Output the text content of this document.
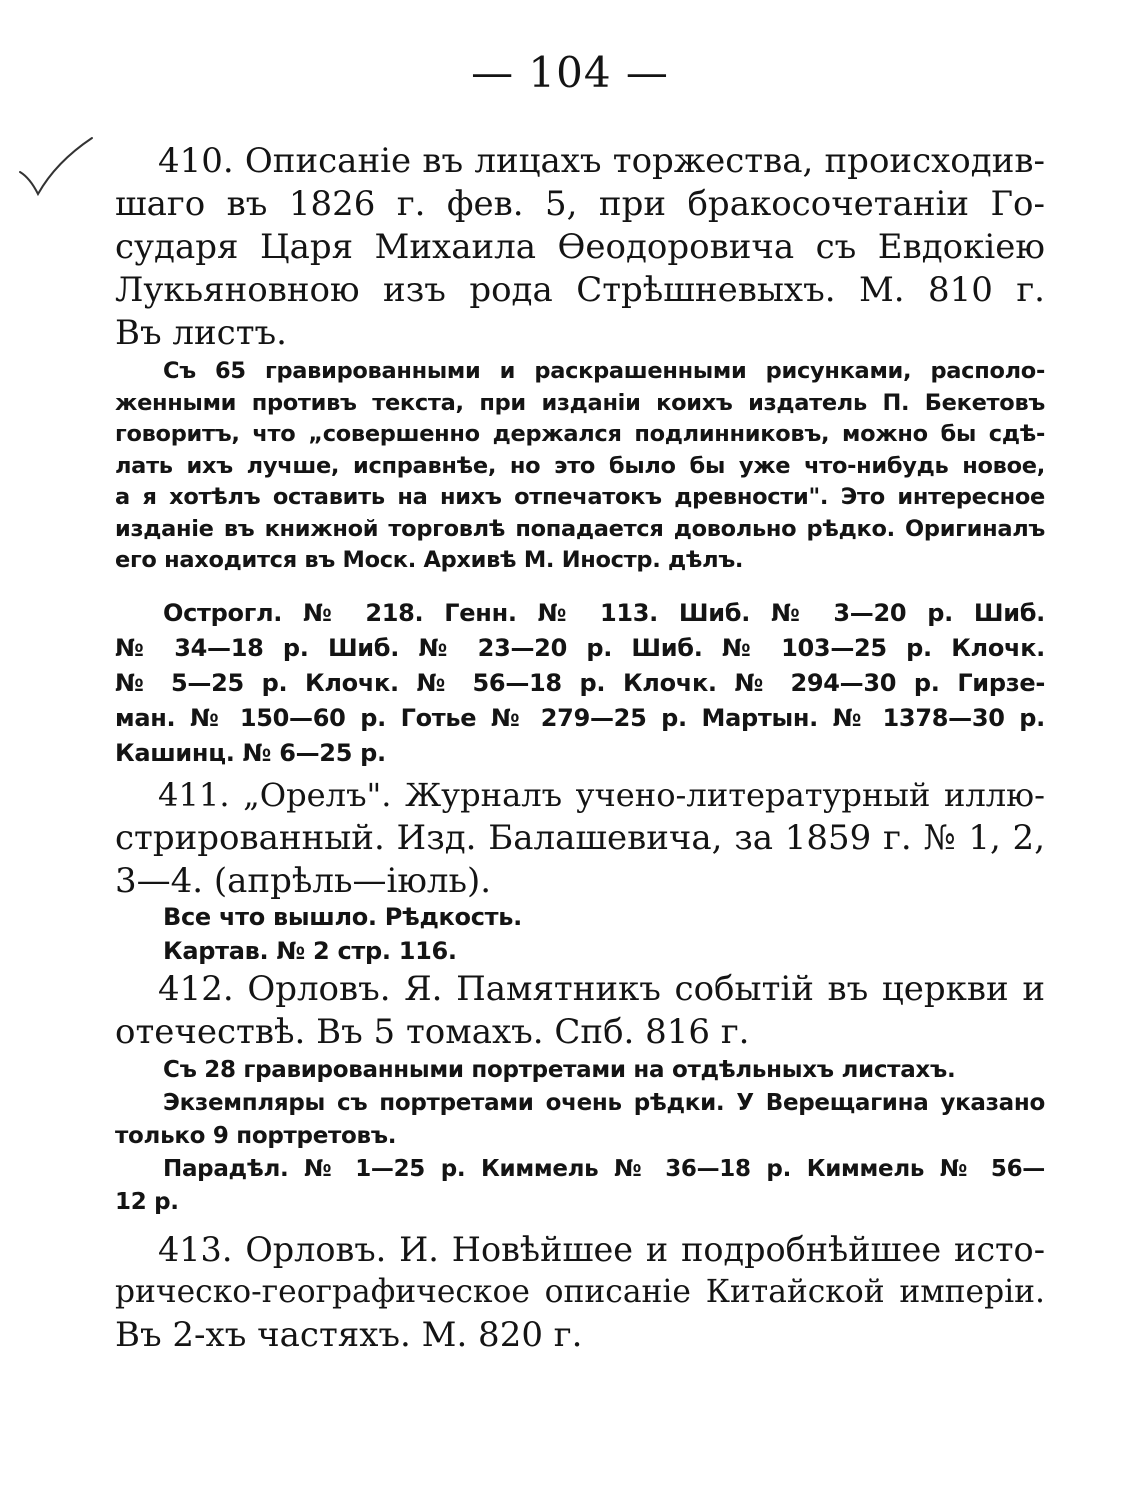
— 104 —
410. Описаніе въ лицахъ торжества, происходив-
шаго въ 1826 г. фев. 5, при бракосочетаніи Го-
сударя Царя Михаила Өеодоровича съ Евдокіею
Лукьяновною изъ рода Стрѣшневыхъ. М. 810 г.
Въ листъ.
Съ 65 гравированными и раскрашенными рисунками, располо-
женными противъ текста, при изданіи коихъ издатель П. Бекетовъ
говоритъ, что „совершенно держался подлинниковъ, можно бы сдѣ-
лать ихъ лучше, исправнѣе, но это было бы уже что-нибудь новое,
а я хотѣлъ оставить на нихъ отпечатокъ древности". Это интересное
изданіе въ книжной торговлѣ попадается довольно рѣдко. Оригиналъ
его находится въ Моск. Архивѣ М. Иностр. дѣлъ.
Острогл. № 218. Генн. № 113. Шиб. № 3—20 р. Шиб.
№ 34—18 р. Шиб. № 23—20 р. Шиб. № 103—25 р. Клочк.
№ 5—25 р. Клочк. № 56—18 р. Клочк. № 294—30 р. Гирзе-
ман. № 150—60 р. Готье № 279—25 р. Мартын. № 1378—30 р.
Кашинц. № 6—25 р.
411. „Орелъ". Журналъ учено-литературный иллю-
стрированный. Изд. Балашевича, за 1859 г. № 1, 2,
3—4. (апрѣль—іюль).
Все что вышло. Рѣдкость.
Картав. № 2 стр. 116.
412. Орловъ. Я. Памятникъ событій въ церкви и
отечествѣ. Въ 5 томахъ. Спб. 816 г.
Съ 28 гравированными портретами на отдѣльныхъ листахъ.
Экземпляры съ портретами очень рѣдки. У Верещагина указано
только 9 портретовъ.
Парадѣл. № 1—25 р. Киммель № 36—18 р. Киммель № 56—
12 р.
413. Орловъ. И. Новѣйшее и подробнѣйшее исто-
рическо-географическое описаніе Китайской имперіи.
Въ 2-хъ частяхъ. М. 820 г.
